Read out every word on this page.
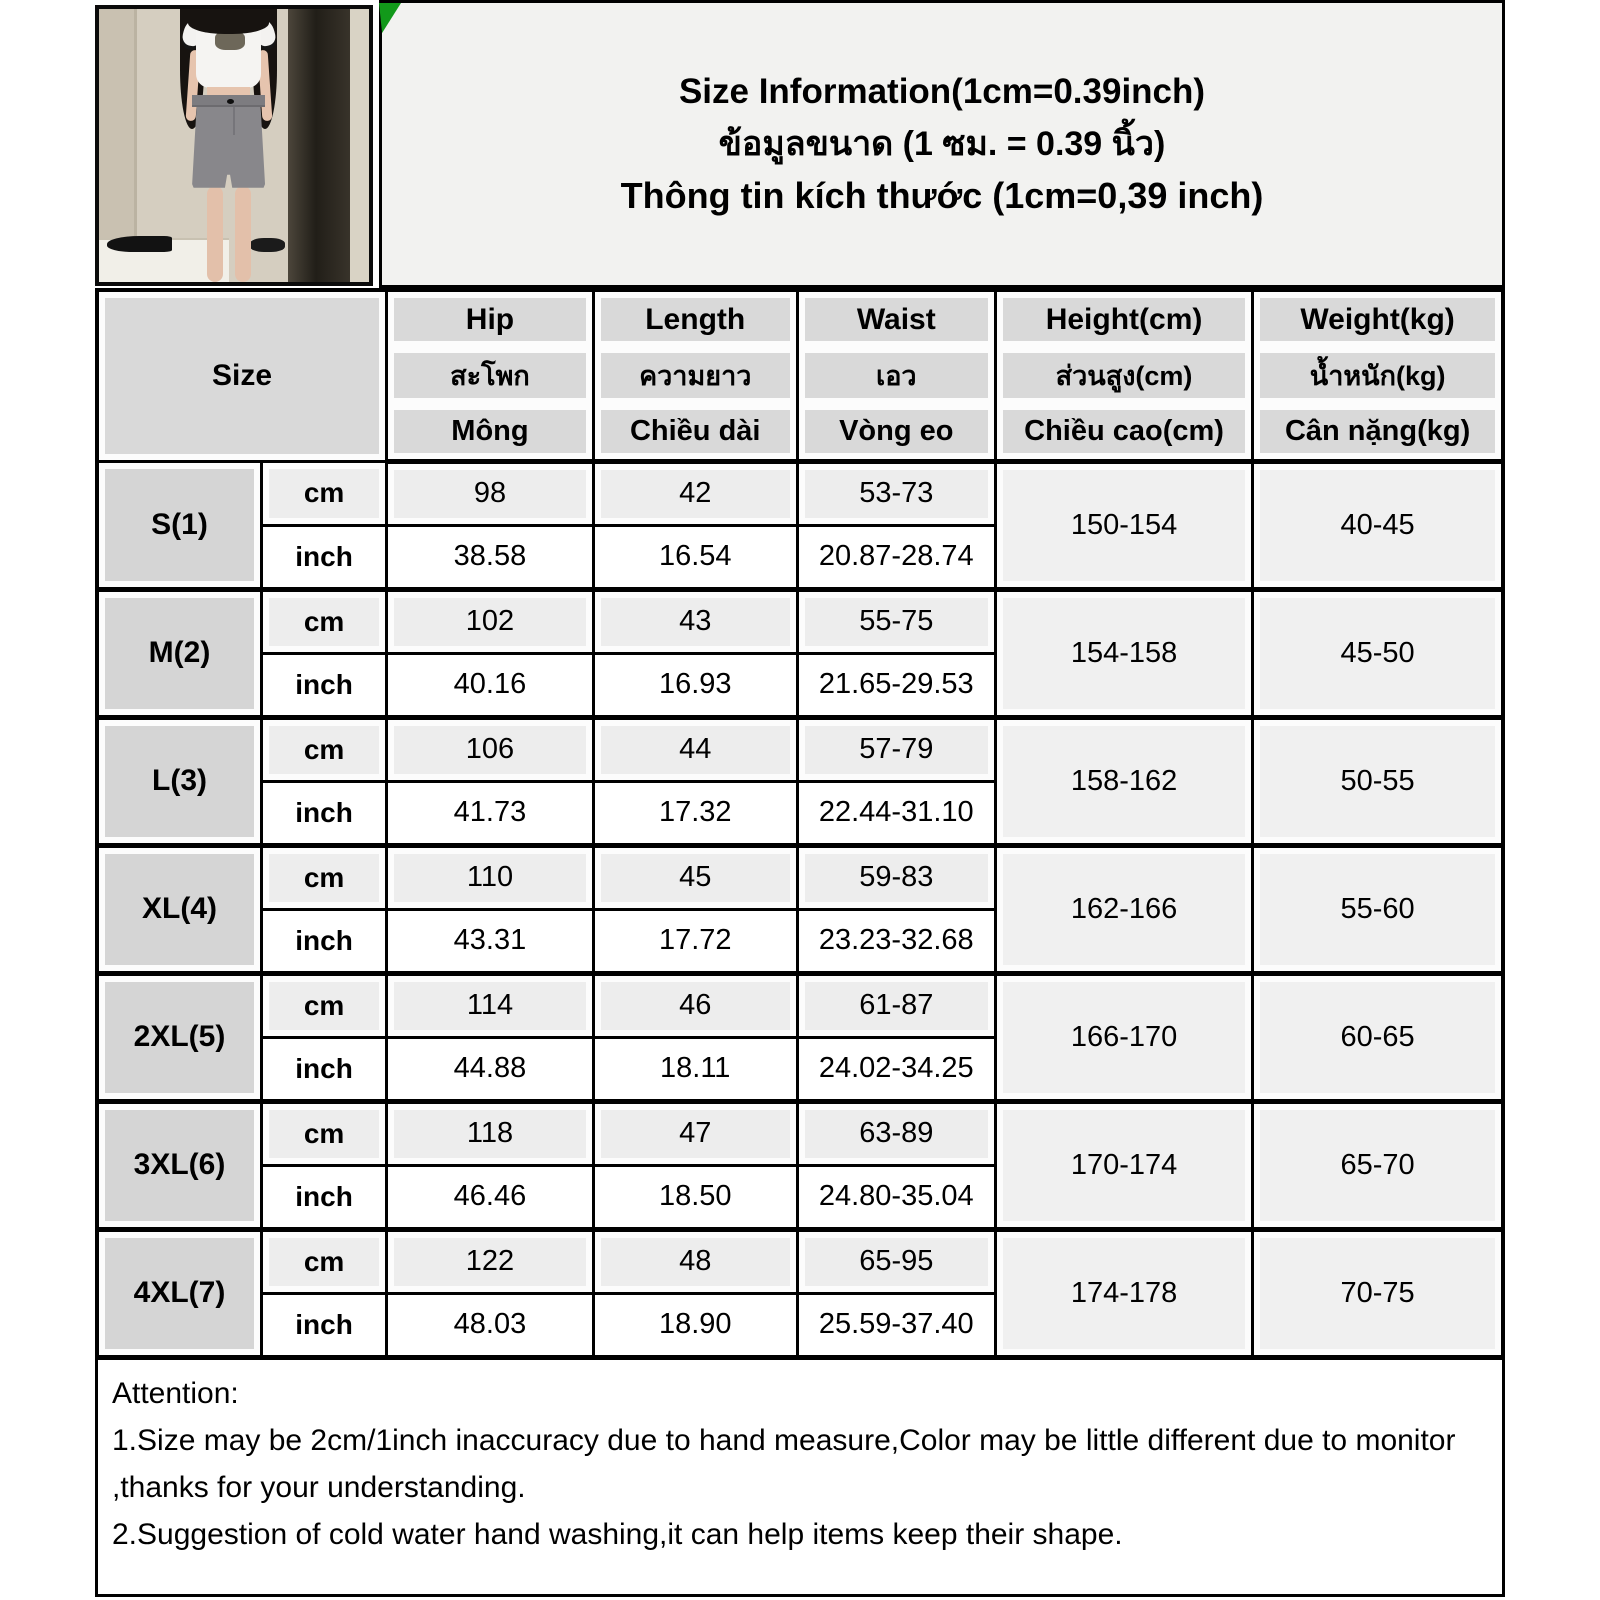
Size Information(1cm=0.39inch)
ข้อมูลขนาด (1 ซม. = 0.39 นิ้ว)
Thông tin kích thước (1cm=0,39 inch)
Size		Hip	Length	Waist	Height(cm)	Weight(kg)
		สะโพก	ความยาว	เอว	ส่วนสูง(cm)	น้ำหนัก(kg)
		Mông	Chiều dài	Vòng eo	Chiều cao(cm)	Cân nặng(kg)
S(1)	cm	98	42	53-73	150-154	40-45
	inch	38.58	16.54	20.87-28.74		
M(2)	cm	102	43	55-75	154-158	45-50
	inch	40.16	16.93	21.65-29.53		
L(3)	cm	106	44	57-79	158-162	50-55
	inch	41.73	17.32	22.44-31.10		
XL(4)	cm	110	45	59-83	162-166	55-60
	inch	43.31	17.72	23.23-32.68		
2XL(5)	cm	114	46	61-87	166-170	60-65
	inch	44.88	18.11	24.02-34.25		
3XL(6)	cm	118	47	63-89	170-174	65-70
	inch	46.46	18.50	24.80-35.04		
4XL(7)	cm	122	48	65-95	174-178	70-75
	inch	48.03	18.90	25.59-37.40		
Attention:
1.Size may be 2cm/1inch inaccuracy due to hand measure,Color may be little different due to monitor ,thanks for your understanding.
2.Suggestion of cold water hand washing,it can help items keep their shape.
